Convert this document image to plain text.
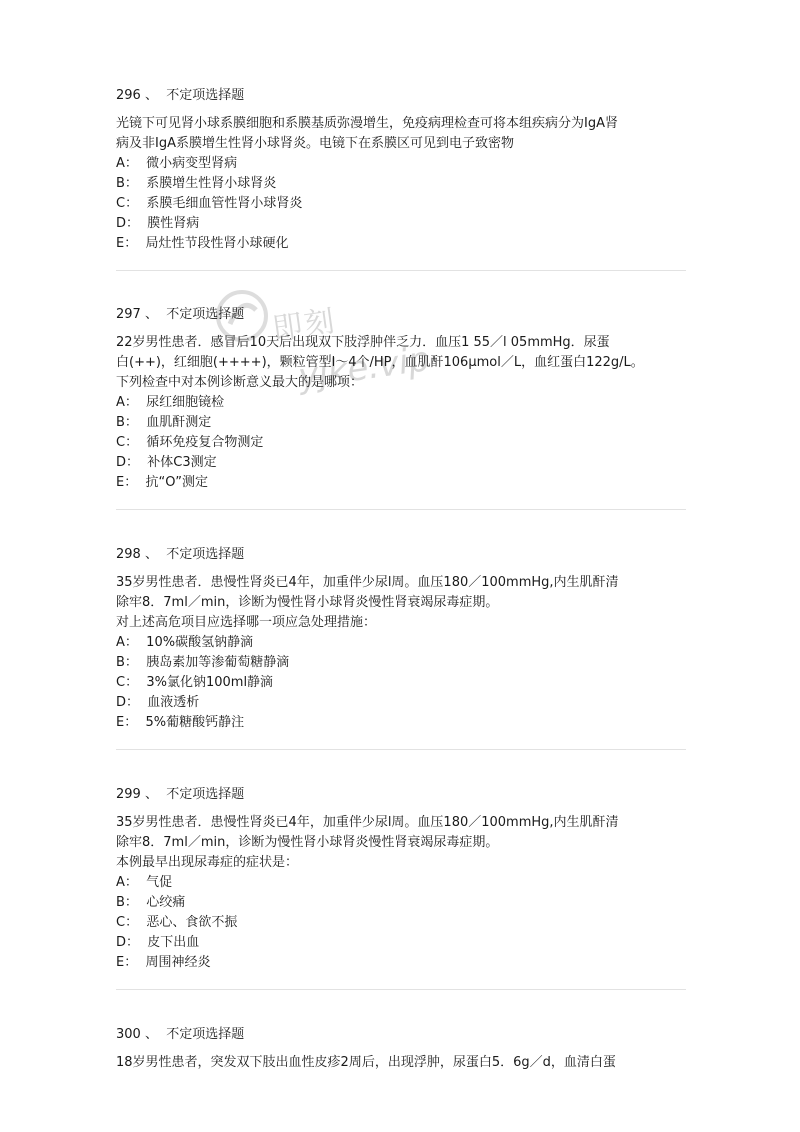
即刻
yjke.vip
296 、 不定项选择题
光镜下可见肾小球系膜细胞和系膜基质弥漫增生，免疫病理检查可将本组疾病分为IgA肾
病及非IgA系膜增生性肾小球肾炎。电镜下在系膜区可见到电子致密物
A： 微小病变型肾病
B： 系膜增生性肾小球肾炎
C： 系膜毛细血管性肾小球肾炎
D： 膜性肾病
E： 局灶性节段性肾小球硬化
297 、 不定项选择题
22岁男性患者．感冒后10天后出现双下肢浮肿伴乏力．血压1 55／l 05mmHg．尿蛋
白(++)，红细胞(++++)，颗粒管型l～4个/HP，血肌酐106μmol／L，血红蛋白122g/L。
下列检查中对本例诊断意义最大的是哪项：
A： 尿红细胞镜检
B： 血肌酐测定
C： 循环免疫复合物测定
D： 补体C3测定
E： 抗“O”测定
298 、 不定项选择题
35岁男性患者．患慢性肾炎已4年，加重伴少尿l周。血压180／100mmHg,内生肌酐清
除牢8．7ml／min，诊断为慢性肾小球肾炎慢性肾衰竭尿毒症期。
对上述高危项目应选择哪一项应急处理措施：
A： 10%碳酸氢钠静滴
B： 胰岛素加等渗葡萄糖静滴
C： 3%氯化钠100ml静滴
D： 血液透析
E： 5%葡糖酸钙静注
299 、 不定项选择题
35岁男性患者．患慢性肾炎已4年，加重伴少尿l周。血压180／100mmHg,内生肌酐清
除牢8．7ml／min，诊断为慢性肾小球肾炎慢性肾衰竭尿毒症期。
本例最早出现尿毒症的症状是：
A： 气促
B： 心绞痛
C： 恶心、食欲不振
D： 皮下出血
E： 周围神经炎
300 、 不定项选择题
18岁男性患者，突发双下肢出血性皮疹2周后，出现浮肿，尿蛋白5．6g／d，血清白蛋
